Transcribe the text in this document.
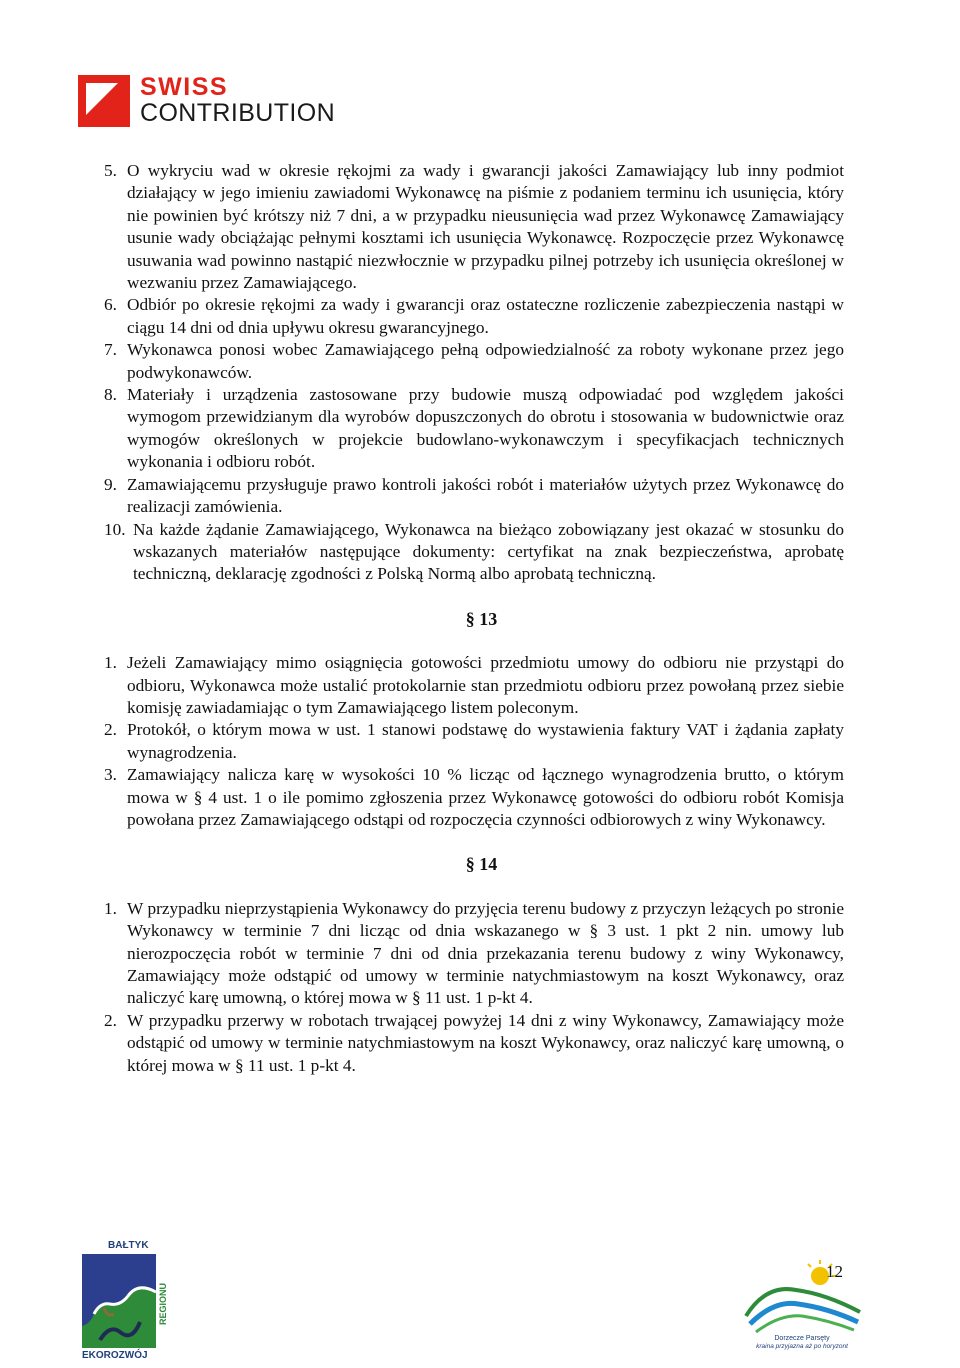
SWISS
CONTRIBUTION
5. O wykryciu wad w okresie rękojmi za wady i gwarancji jakości Zamawiający lub inny podmiot działający w jego imieniu zawiadomi Wykonawcę na piśmie z podaniem terminu ich usunięcia, który nie powinien być krótszy niż 7 dni, a w przypadku nieusunięcia wad przez Wykonawcę Zamawiający usunie wady obciążając pełnymi kosztami ich usunięcia Wykonawcę. Rozpoczęcie przez Wykonawcę usuwania wad powinno nastąpić niezwłocznie w przypadku pilnej potrzeby ich usunięcia określonej w wezwaniu przez Zamawiającego.
6. Odbiór po okresie rękojmi za wady i gwarancji oraz ostateczne rozliczenie zabezpieczenia nastąpi w ciągu 14 dni od dnia upływu okresu gwarancyjnego.
7. Wykonawca ponosi wobec Zamawiającego pełną odpowiedzialność za roboty wykonane przez jego podwykonawców.
8. Materiały i urządzenia zastosowane przy budowie muszą odpowiadać pod względem jakości wymogom przewidzianym dla wyrobów dopuszczonych do obrotu i stosowania w budownictwie oraz wymogów określonych w projekcie budowlano-wykonawczym i specyfikacjach technicznych wykonania i odbioru robót.
9. Zamawiającemu przysługuje prawo kontroli jakości robót i materiałów użytych przez Wykonawcę do realizacji zamówienia.
10. Na każde żądanie Zamawiającego, Wykonawca na bieżąco zobowiązany jest okazać w stosunku do wskazanych materiałów następujące dokumenty: certyfikat na znak bezpieczeństwa, aprobatę techniczną, deklarację zgodności z Polską Normą albo aprobatą techniczną.
§ 13
1. Jeżeli Zamawiający mimo osiągnięcia gotowości przedmiotu umowy do odbioru nie przystąpi do odbioru, Wykonawca może ustalić protokolarnie stan przedmiotu odbioru przez powołaną przez siebie komisję zawiadamiając o tym Zamawiającego listem poleconym.
2. Protokół, o którym mowa w ust. 1 stanowi podstawę do wystawienia faktury VAT i żądania zapłaty wynagrodzenia.
3. Zamawiający nalicza karę w wysokości 10 % licząc od łącznego wynagrodzenia brutto, o którym mowa w § 4 ust. 1 o ile pomimo zgłoszenia przez Wykonawcę gotowości do odbioru robót Komisja powołana przez Zamawiającego odstąpi od rozpoczęcia czynności odbiorowych z winy Wykonawcy.
§ 14
1. W przypadku nieprzystąpienia Wykonawcy do przyjęcia terenu budowy z przyczyn leżących po stronie Wykonawcy w terminie 7 dni licząc od dnia wskazanego w § 3 ust. 1 pkt 2 nin. umowy lub nierozpoczęcia robót w terminie 7 dni od dnia przekazania terenu budowy z winy Wykonawcy, Zamawiający może odstąpić od umowy w terminie natychmiastowym na koszt Wykonawcy, oraz naliczyć karę umowną, o której mowa w § 11 ust. 1 p-kt 4.
2. W przypadku przerwy w robotach trwającej powyżej 14 dni z winy Wykonawcy, Zamawiający może odstąpić od umowy w terminie natychmiastowym na koszt Wykonawcy, oraz naliczyć karę umowną, o której mowa w § 11 ust. 1 p-kt 4.
BAŁTYK
REGIONU
EKOROZWÓJ
Dorzecze Parsęty
kraina przyjazna aż po horyzont
12
